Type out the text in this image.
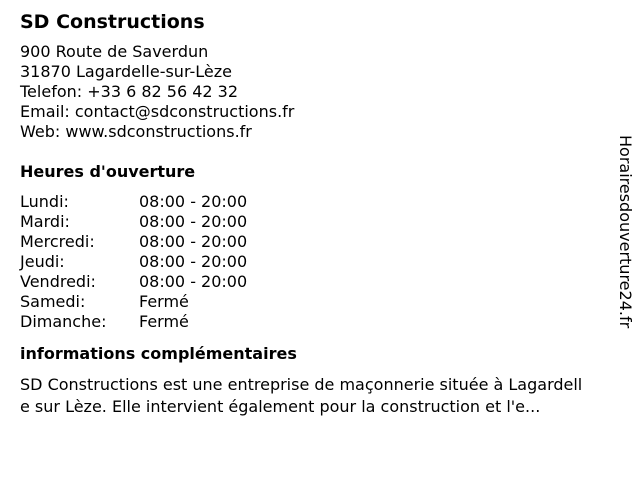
SD Constructions
900 Route de Saverdun
31870 Lagardelle-sur-Lèze
Telefon: +33 6 82 56 42 32
Email: contact@sdconstructions.fr
Web: www.sdconstructions.fr
Heures d'ouverture
Lundi:	08:00 - 20:00
Mardi:	08:00 - 20:00
Mercredi:	08:00 - 20:00
Jeudi:	08:00 - 20:00
Vendredi:	08:00 - 20:00
Samedi:	Fermé
Dimanche: Fermé
informations complémentaires
SD Constructions est une entreprise de maçonnerie située à Lagardell
e sur Lèze. Elle intervient également pour la construction et l'e...
Horairesdouverture24.fr
